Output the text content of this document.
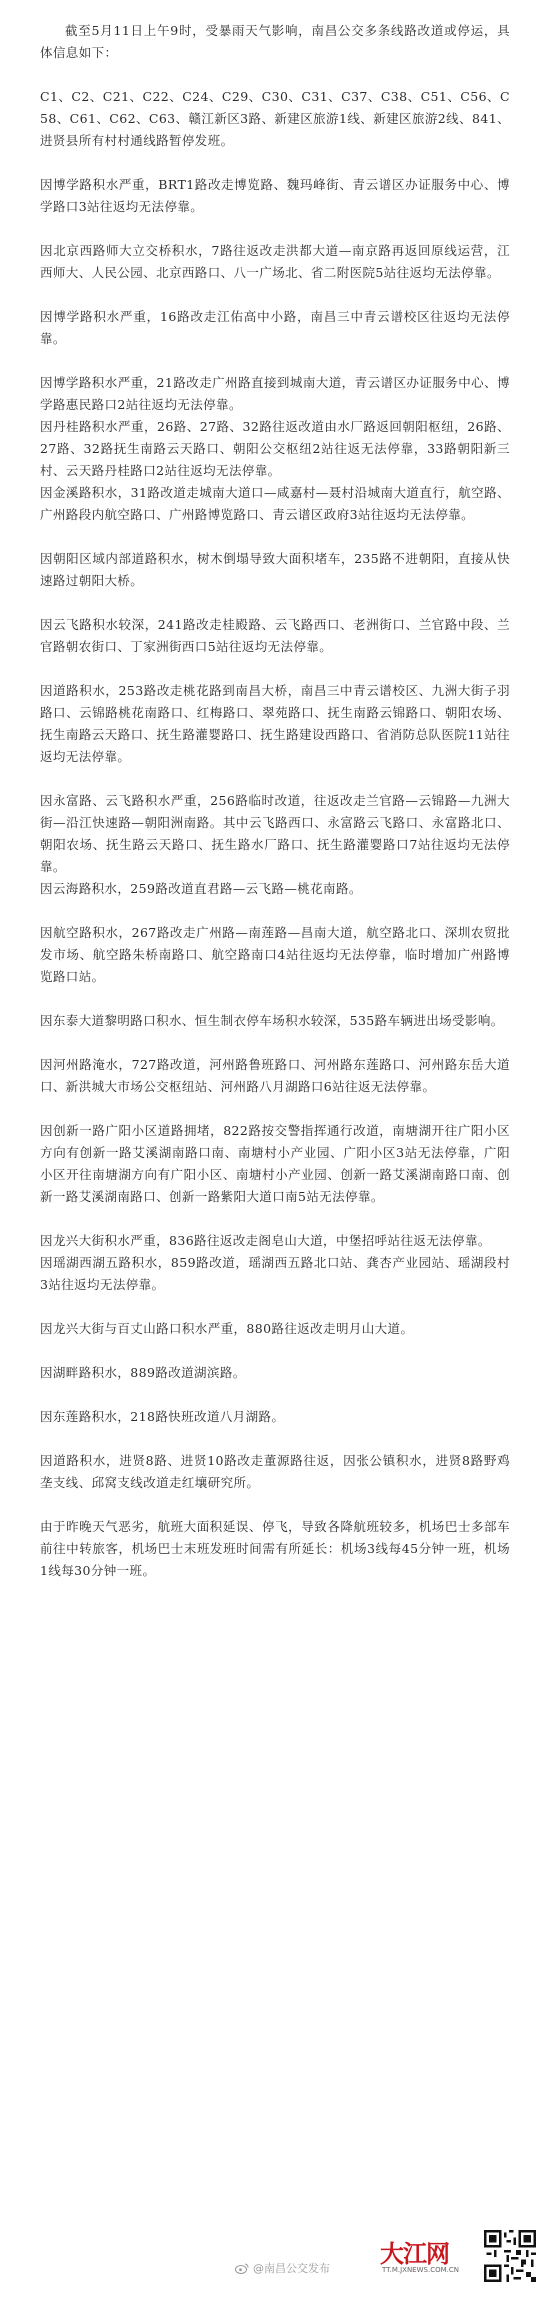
截至5月11日上午9时，受暴雨天气影响，南昌公交多条线路改道或停运，具体信息如下：

C1、C2、C21、C22、C24、C29、C30、C31、C37、C38、C51、C56、C58、C61、C62、C63、赣江新区3路、新建区旅游1线、新建区旅游2线、841、进贤县所有村村通线路暂停发班。

因博学路积水严重，BRT1路改走博览路、魏玛峰街、青云谱区办证服务中心、博学路口3站往返均无法停靠。

因北京西路师大立交桥积水，7路往返改走洪都大道—南京路再返回原线运营，江西师大、人民公园、北京西路口、八一广场北、省二附医院5站往返均无法停靠。

因博学路积水严重，16路改走江佑高中小路，南昌三中青云谱校区往返均无法停靠。

因博学路积水严重，21路改走广州路直接到城南大道，青云谱区办证服务中心、博学路惠民路口2站往返均无法停靠。

因丹桂路积水严重，26路、27路、32路往返改道由水厂路返回朝阳枢纽，26路、27路、32路抚生南路云天路口、朝阳公交枢纽2站往返无法停靠，33路朝阳新三村、云天路丹桂路口2站往返均无法停靠。

因金溪路积水，31路改道走城南大道口—咸嘉村—聂村沿城南大道直行，航空路、广州路段内航空路口、广州路博览路口、青云谱区政府3站往返均无法停靠。

因朝阳区域内部道路积水，树木倒塌导致大面积堵车，235路不进朝阳，直接从快速路过朝阳大桥。

因云飞路积水较深，241路改走桂殿路、云飞路西口、老洲街口、兰官路中段、兰官路朝农街口、丁家洲街西口5站往返均无法停靠。

因道路积水，253路改走桃花路到南昌大桥，南昌三中青云谱校区、九洲大街子羽路口、云锦路桃花南路口、红梅路口、翠苑路口、抚生南路云锦路口、朝阳农场、抚生南路云天路口、抚生路灌婴路口、抚生路建设西路口、省消防总队医院11站往返均无法停靠。

因永富路、云飞路积水严重，256路临时改道，往返改走兰官路—云锦路—九洲大街—沿江快速路—朝阳洲南路。其中云飞路西口、永富路云飞路口、永富路北口、朝阳农场、抚生路云天路口、抚生路水厂路口、抚生路灌婴路口7站往返均无法停靠。

因云海路积水，259路改道直君路—云飞路—桃花南路。

因航空路积水，267路改走广州路—南莲路—昌南大道，航空路北口、深圳农贸批发市场、航空路朱桥南路口、航空路南口4站往返均无法停靠，临时增加广州路博览路口站。

因东泰大道黎明路口积水、恒生制衣停车场积水较深，535路车辆进出场受影响。

因河州路淹水，727路改道，河州路鲁班路口、河州路东莲路口、河州路东岳大道口、新洪城大市场公交枢纽站、河州路八月湖路口6站往返无法停靠。

因创新一路广阳小区道路拥堵，822路按交警指挥通行改道，南塘湖开往广阳小区方向有创新一路艾溪湖南路口南、南塘村小产业园、广阳小区3站无法停靠，广阳小区开往南塘湖方向有广阳小区、南塘村小产业园、创新一路艾溪湖南路口南、创新一路艾溪湖南路口、创新一路紫阳大道口南5站无法停靠。

因龙兴大街积水严重，836路往返改走阁皂山大道，中堡招呼站往返无法停靠。

因瑶湖西湖五路积水，859路改道，瑶湖西五路北口站、龚杏产业园站、瑶湖段村3站往返均无法停靠。

因龙兴大街与百丈山路口积水严重，880路往返改走明月山大道。

因湖畔路积水，889路改道湖滨路。

因东莲路积水，218路快班改道八月湖路。

因道路积水，进贤8路、进贤10路改走董源路往返，因张公镇积水，进贤8路野鸡垄支线、邱窝支线改道走红壤研究所。

由于昨晚天气恶劣，航班大面积延误、停飞，导致各降航班较多，机场巴士多部车前往中转旅客，机场巴士末班发班时间需有所延长：机场3线每45分钟一班，机场1线每30分钟一班。

@南昌公交发布
大江网
TT.M.JXNEWS.COM.CN
